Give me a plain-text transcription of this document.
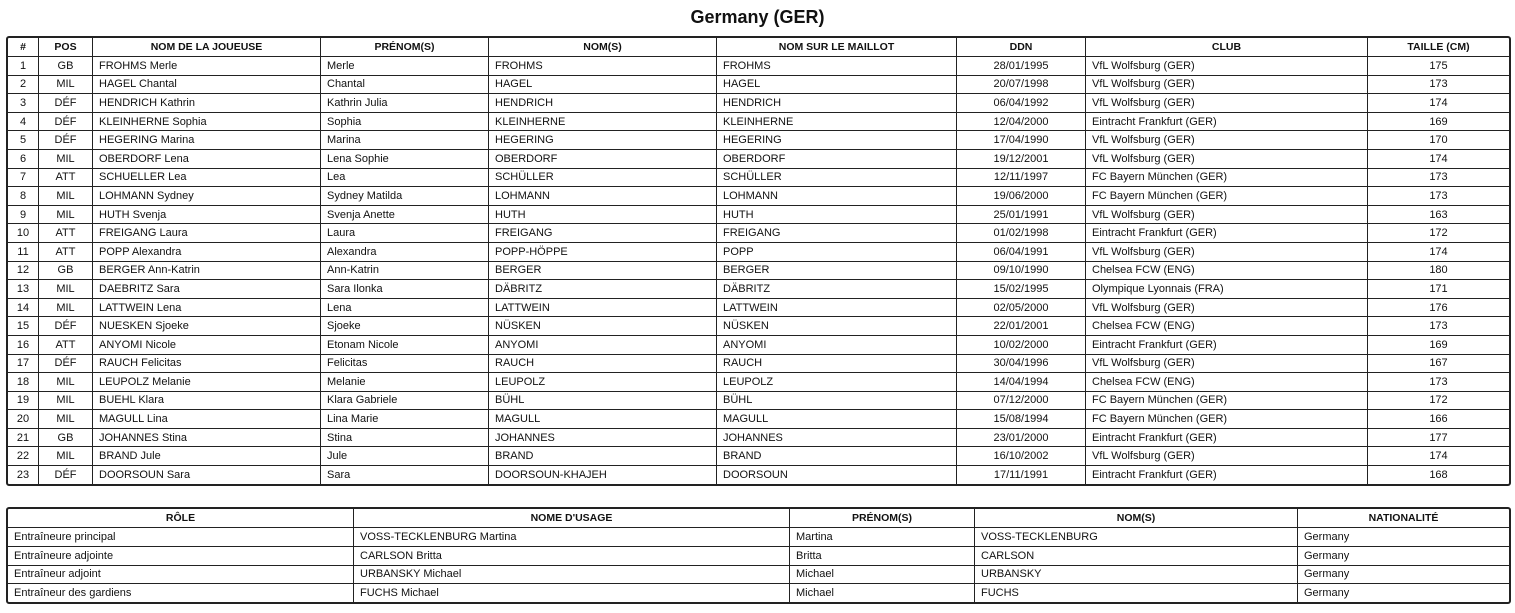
Germany (GER)
#	POS	NOM DE LA JOUEUSE	PRÉNOM(S)	NOM(S)	NOM SUR LE MAILLOT	DDN	CLUB	TAILLE (CM)
1	GB	FROHMS Merle	Merle	FROHMS	FROHMS	28/01/1995	VfL Wolfsburg (GER)	175
2	MIL	HAGEL Chantal	Chantal	HAGEL	HAGEL	20/07/1998	VfL Wolfsburg (GER)	173
3	DÉF	HENDRICH Kathrin	Kathrin Julia	HENDRICH	HENDRICH	06/04/1992	VfL Wolfsburg (GER)	174
4	DÉF	KLEINHERNE Sophia	Sophia	KLEINHERNE	KLEINHERNE	12/04/2000	Eintracht Frankfurt (GER)	169
5	DÉF	HEGERING Marina	Marina	HEGERING	HEGERING	17/04/1990	VfL Wolfsburg (GER)	170
6	MIL	OBERDORF Lena	Lena Sophie	OBERDORF	OBERDORF	19/12/2001	VfL Wolfsburg (GER)	174
7	ATT	SCHUELLER Lea	Lea	SCHÜLLER	SCHÜLLER	12/11/1997	FC Bayern München (GER)	173
8	MIL	LOHMANN Sydney	Sydney Matilda	LOHMANN	LOHMANN	19/06/2000	FC Bayern München (GER)	173
9	MIL	HUTH Svenja	Svenja Anette	HUTH	HUTH	25/01/1991	VfL Wolfsburg (GER)	163
10	ATT	FREIGANG Laura	Laura	FREIGANG	FREIGANG	01/02/1998	Eintracht Frankfurt (GER)	172
11	ATT	POPP Alexandra	Alexandra	POPP-HÖPPE	POPP	06/04/1991	VfL Wolfsburg (GER)	174
12	GB	BERGER Ann-Katrin	Ann-Katrin	BERGER	BERGER	09/10/1990	Chelsea FCW (ENG)	180
13	MIL	DAEBRITZ Sara	Sara Ilonka	DÄBRITZ	DÄBRITZ	15/02/1995	Olympique Lyonnais (FRA)	171
14	MIL	LATTWEIN Lena	Lena	LATTWEIN	LATTWEIN	02/05/2000	VfL Wolfsburg (GER)	176
15	DÉF	NUESKEN Sjoeke	Sjoeke	NÜSKEN	NÜSKEN	22/01/2001	Chelsea FCW (ENG)	173
16	ATT	ANYOMI Nicole	Etonam Nicole	ANYOMI	ANYOMI	10/02/2000	Eintracht Frankfurt (GER)	169
17	DÉF	RAUCH Felicitas	Felicitas	RAUCH	RAUCH	30/04/1996	VfL Wolfsburg (GER)	167
18	MIL	LEUPOLZ Melanie	Melanie	LEUPOLZ	LEUPOLZ	14/04/1994	Chelsea FCW (ENG)	173
19	MIL	BUEHL Klara	Klara Gabriele	BÜHL	BÜHL	07/12/2000	FC Bayern München (GER)	172
20	MIL	MAGULL Lina	Lina Marie	MAGULL	MAGULL	15/08/1994	FC Bayern München (GER)	166
21	GB	JOHANNES Stina	Stina	JOHANNES	JOHANNES	23/01/2000	Eintracht Frankfurt (GER)	177
22	MIL	BRAND Jule	Jule	BRAND	BRAND	16/10/2002	VfL Wolfsburg (GER)	174
23	DÉF	DOORSOUN Sara	Sara	DOORSOUN-KHAJEH	DOORSOUN	17/11/1991	Eintracht Frankfurt (GER)	168
RÔLE	NOME D'USAGE	PRÉNOM(S)	NOM(S)	NATIONALITÉ
Entraîneure principal	VOSS-TECKLENBURG Martina	Martina	VOSS-TECKLENBURG	Germany
Entraîneure adjointe	CARLSON Britta	Britta	CARLSON	Germany
Entraîneur adjoint	URBANSKY Michael	Michael	URBANSKY	Germany
Entraîneur des gardiens	FUCHS Michael	Michael	FUCHS	Germany
